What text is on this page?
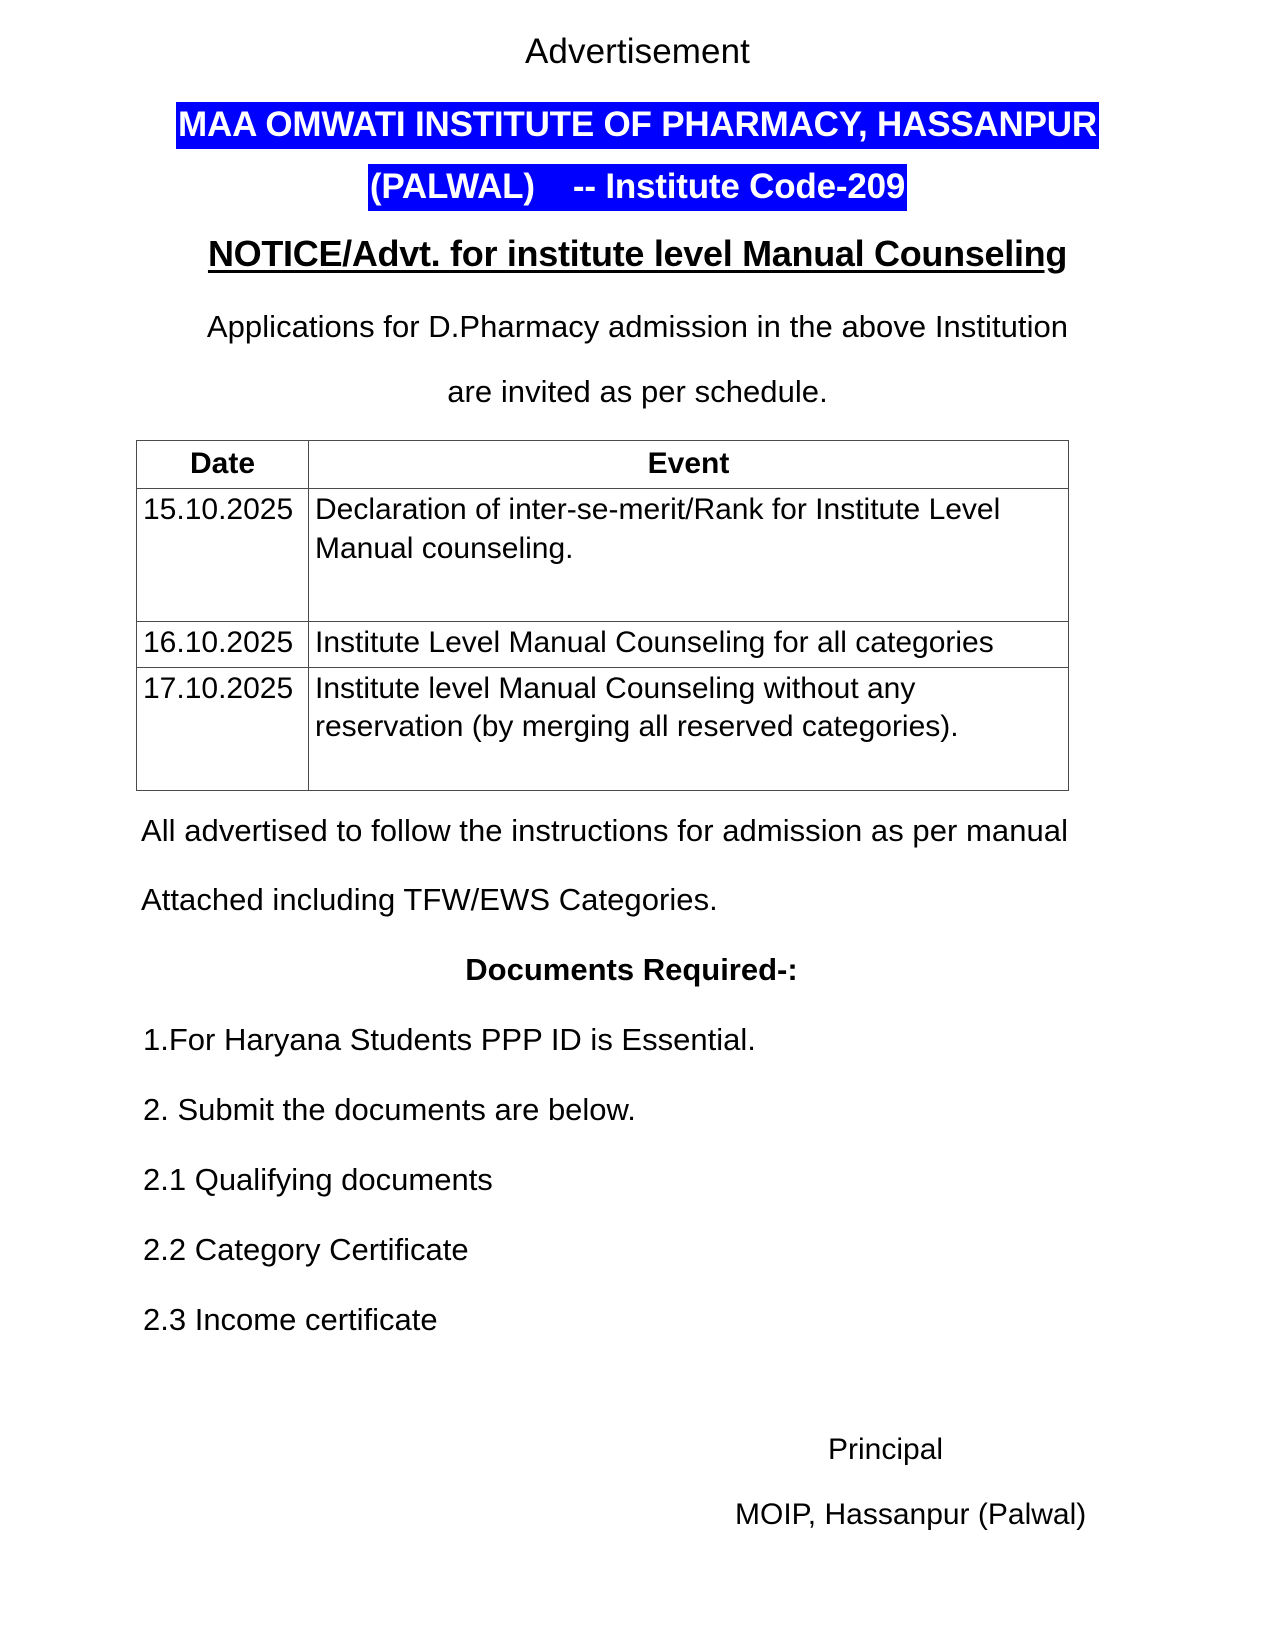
Advertisement
MAA OMWATI INSTITUTE OF PHARMACY, HASSANPUR
(PALWAL)    -- Institute Code-209
NOTICE/Advt. for institute level Manual Counseling
Applications for D.Pharmacy admission in the above Institution
are invited as per schedule.
Date	Event
15.10.2025	Declaration of inter-se-merit/Rank for Institute Level Manual counseling.
16.10.2025	Institute Level Manual Counseling for all categories
17.10.2025	Institute level Manual Counseling without any reservation (by merging all reserved categories).
All advertised to follow the instructions for admission as per manual
Attached including TFW/EWS Categories.
Documents Required-:
1.For Haryana Students PPP ID is Essential.
2. Submit the documents are below.
2.1 Qualifying documents
2.2 Category Certificate
2.3 Income certificate
Principal
MOIP, Hassanpur (Palwal)
